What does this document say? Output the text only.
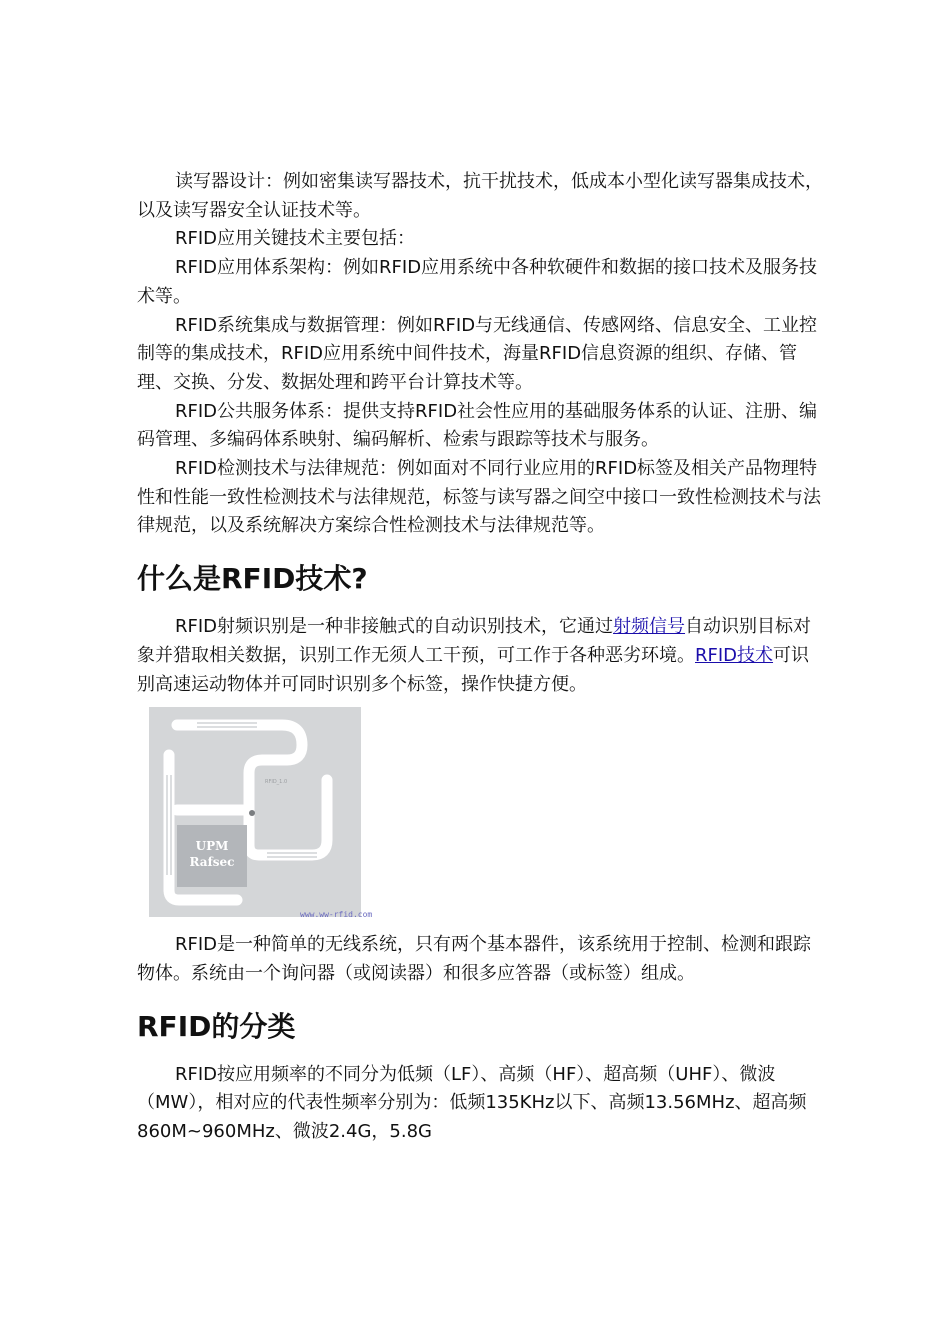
读写器设计：例如密集读写器技术，抗干扰技术，低成本小型化读写器集成技术，以及读写器安全认证技术等。

RFID应用关键技术主要包括：

RFID应用体系架构：例如RFID应用系统中各种软硬件和数据的接口技术及服务技术等。

RFID系统集成与数据管理：例如RFID与无线通信、传感网络、信息安全、工业控制等的集成技术，RFID应用系统中间件技术，海量RFID信息资源的组织、存储、管理、交换、分发、数据处理和跨平台计算技术等。

RFID公共服务体系：提供支持RFID社会性应用的基础服务体系的认证、注册、编码管理、多编码体系映射、编码解析、检索与跟踪等技术与服务。

RFID检测技术与法律规范：例如面对不同行业应用的RFID标签及相关产品物理特性和性能一致性检测技术与法律规范，标签与读写器之间空中接口一致性检测技术与法律规范，以及系统解决方案综合性检测技术与法律规范等。

什么是RFID技术?

RFID射频识别是一种非接触式的自动识别技术，它通过射频信号自动识别目标对象并猎取相关数据，识别工作无须人工干预，可工作于各种恶劣环境。RFID技术可识别高速运动物体并可同时识别多个标签，操作快捷方便。

UPM
Rafsec
RFID_1.0
www.ww-rfid.com

RFID是一种简单的无线系统，只有两个基本器件，该系统用于控制、检测和跟踪物体。系统由一个询问器（或阅读器）和很多应答器（或标签）组成。

RFID的分类

RFID按应用频率的不同分为低频（LF）、高频（HF）、超高频（UHF）、微波（MW），相对应的代表性频率分别为：低频135KHz以下、高频13.56MHz、超高频860M~960MHz、微波2.4G，5.8G
